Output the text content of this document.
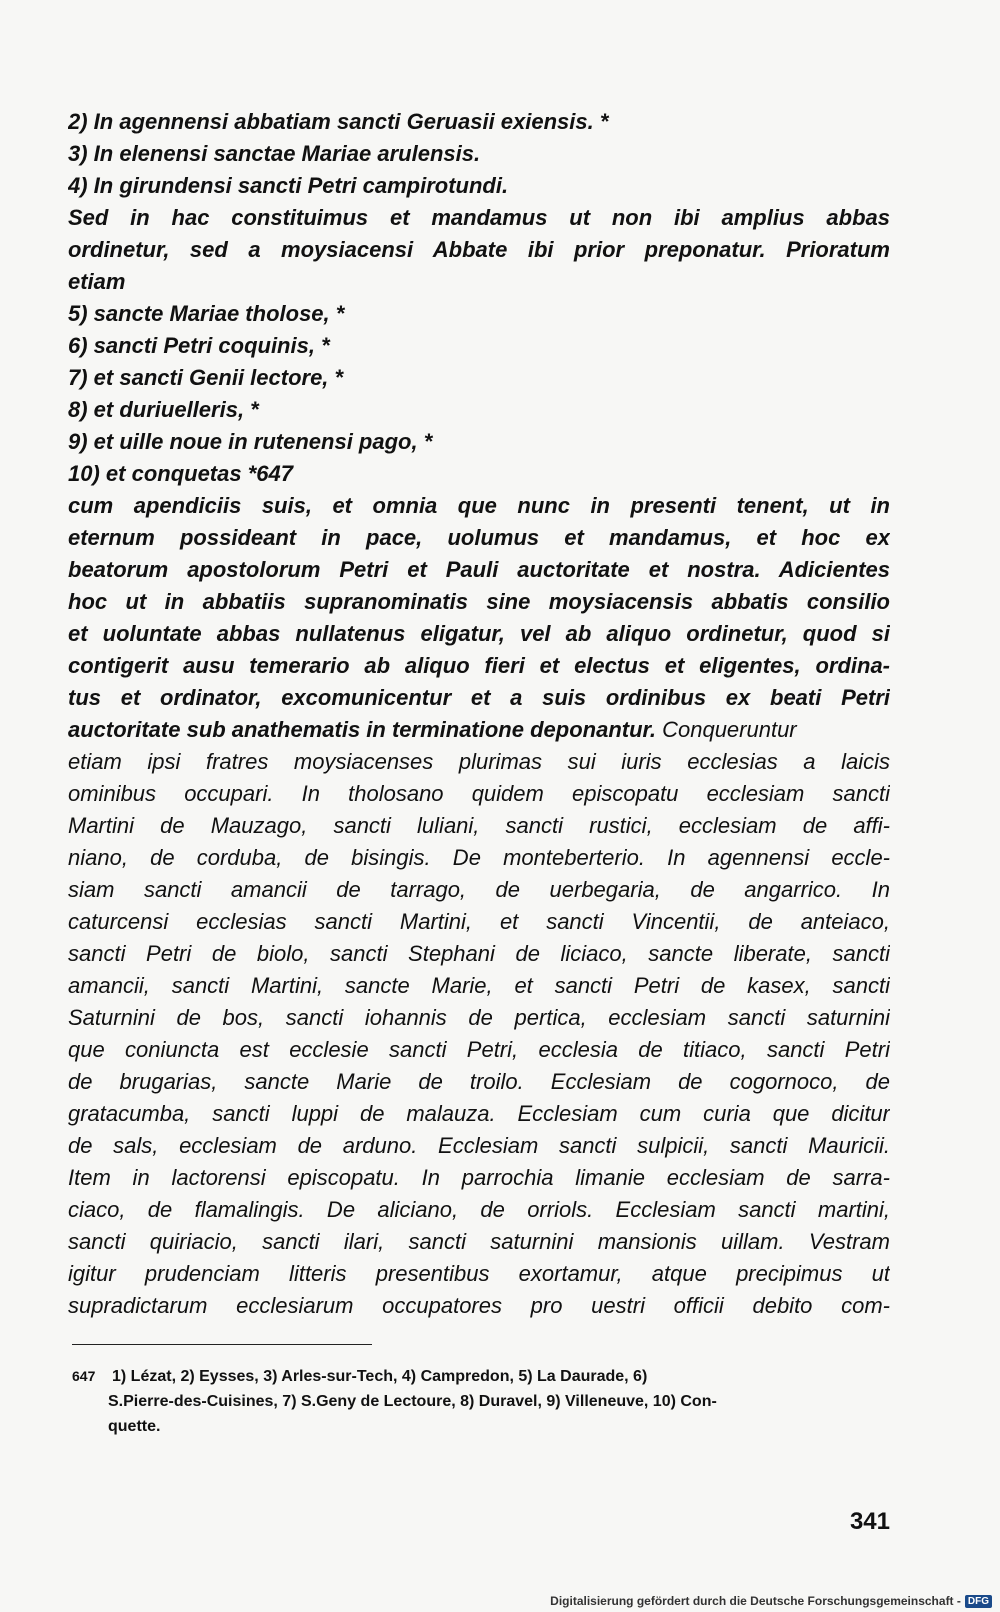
2) In agennensi abbatiam sancti Geruasii exiensis. *
3) In elenensi sanctae Mariae arulensis.
4) In girundensi sancti Petri campirotundi.
Sed in hac constituimus et mandamus ut non ibi amplius abbas
ordinetur, sed a moysiacensi Abbate ibi prior preponatur. Prioratum
etiam
5) sancte Mariae tholose, *
6) sancti Petri coquinis, *
7) et sancti Genii lectore, *
8) et duriuelleris, *
9) et uille noue in rutenensi pago, *
10) et conquetas *647
cum apendiciis suis, et omnia que nunc in presenti tenent, ut in
eternum possideant in pace, uolumus et mandamus, et hoc ex
beatorum apostolorum Petri et Pauli auctoritate et nostra. Adicientes
hoc ut in abbatiis supranominatis sine moysiacensis abbatis consilio
et uoluntate abbas nullatenus eligatur, vel ab aliquo ordinetur, quod si
contigerit ausu temerario ab aliquo fieri et electus et eligentes, ordina-
tus et ordinator, excomunicentur et a suis ordinibus ex beati Petri
auctoritate sub anathematis in terminatione deponantur. Conqueruntur
etiam ipsi fratres moysiacenses plurimas sui iuris ecclesias a laicis
ominibus occupari. In tholosano quidem episcopatu ecclesiam sancti
Martini de Mauzago, sancti luliani, sancti rustici, ecclesiam de affi-
niano, de corduba, de bisingis. De monteberterio. In agennensi eccle-
siam sancti amancii de tarrago, de uerbegaria, de angarrico. In
caturcensi ecclesias sancti Martini, et sancti Vincentii, de anteiaco,
sancti Petri de biolo, sancti Stephani de liciaco, sancte liberate, sancti
amancii, sancti Martini, sancte Marie, et sancti Petri de kasex, sancti
Saturnini de bos, sancti iohannis de pertica, ecclesiam sancti saturnini
que coniuncta est ecclesie sancti Petri, ecclesia de titiaco, sancti Petri
de brugarias, sancte Marie de troilo. Ecclesiam de cogornoco, de
gratacumba, sancti luppi de malauza. Ecclesiam cum curia que dicitur
de sals, ecclesiam de arduno. Ecclesiam sancti sulpicii, sancti Mauricii.
Item in lactorensi episcopatu. In parrochia limanie ecclesiam de sarra-
ciaco, de flamalingis. De aliciano, de orriols. Ecclesiam sancti martini,
sancti quiriacio, sancti ilari, sancti saturnini mansionis uillam. Vestram
igitur prudenciam litteris presentibus exortamur, atque precipimus ut
supradictarum ecclesiarum occupatores pro uestri officii debito com-
647 1) Lézat, 2) Eysses, 3) Arles-sur-Tech, 4) Campredon, 5) La Daurade, 6)
S.Pierre-des-Cuisines, 7) S.Geny de Lectoure, 8) Duravel, 9) Villeneuve, 10) Con-
quette.
341
Digitalisierung gefördert durch die Deutsche Forschungsgemeinschaft - DFG
